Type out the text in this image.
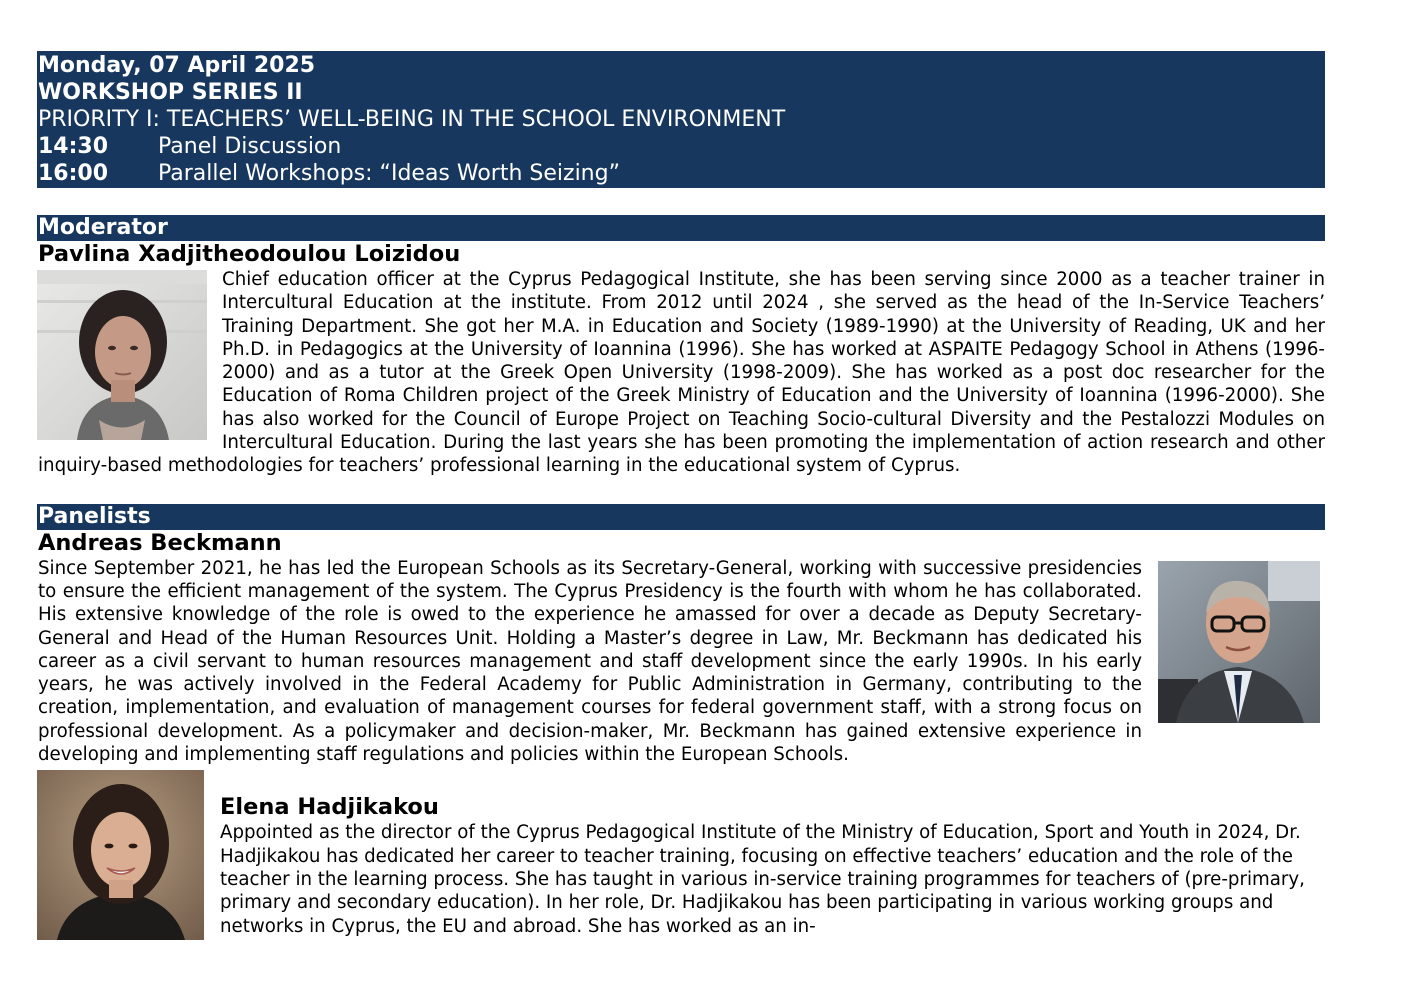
Monday, 07 April 2025
WORKSHOP SERIES II
PRIORITY I: TEACHERS’ WELL-BEING IN THE SCHOOL ENVIRONMENT
14:30	Panel Discussion
16:00	Parallel Workshops: “Ideas Worth Seizing”
Moderator
Pavlina Xadjitheodoulou Loizidou

Chief education officer at the Cyprus Pedagogical Institute, she has been serving since 2000 as a teacher trainer in Intercultural Education at the institute. From 2012 until 2024 , she served as the head of the In-Service Teachers’ Training Department. She got her M.A. in Education and Society (1989-1990) at the University of Reading, UK and her Ph.D. in Pedagogics at the University of Ioannina (1996). She has worked at ASPAITE Pedagogy School in Athens (1996-2000) and as a tutor at the Greek Open University (1998-2009). She has worked as a post doc researcher for the Education of Roma Children project of the Greek Ministry of Education and the University of Ioannina (1996-2000). She has also worked for the Council of Europe Project on Teaching Socio-cultural Diversity and the Pestalozzi Modules on Intercultural Education. During the last years she has been promoting the implementation of action research and other inquiry-based methodologies for teachers’ professional learning in the educational system of Cyprus.

Panelists
Andreas Beckmann

Since September 2021, he has led the European Schools as its Secretary-General, working with successive presidencies to ensure the efficient management of the system. The Cyprus Presidency is the fourth with whom he has collaborated. His extensive knowledge of the role is owed to the experience he amassed for over a decade as Deputy Secretary-General and Head of the Human Resources Unit. Holding a Master’s degree in Law, Mr. Beckmann has dedicated his career as a civil servant to human resources management and staff development since the early 1990s. In his early years, he was actively involved in the Federal Academy for Public Administration in Germany, contributing to the creation, implementation, and evaluation of management courses for federal government staff, with a strong focus on professional development. As a policymaker and decision-maker, Mr. Beckmann has gained extensive experience in developing and implementing staff regulations and policies within the European Schools.

Elena Hadjikakou

Appointed as the director of the Cyprus Pedagogical Institute of the Ministry of Education, Sport and Youth in 2024, Dr. Hadjikakou has dedicated her career to teacher training, focusing on effective teachers’ education and the role of the teacher in the learning process. She has taught in various in-service training programmes for teachers of (pre-primary, primary and secondary education). In her role, Dr. Hadjikakou has been participating in various working groups and networks in Cyprus, the EU and abroad. She has worked as an in-
